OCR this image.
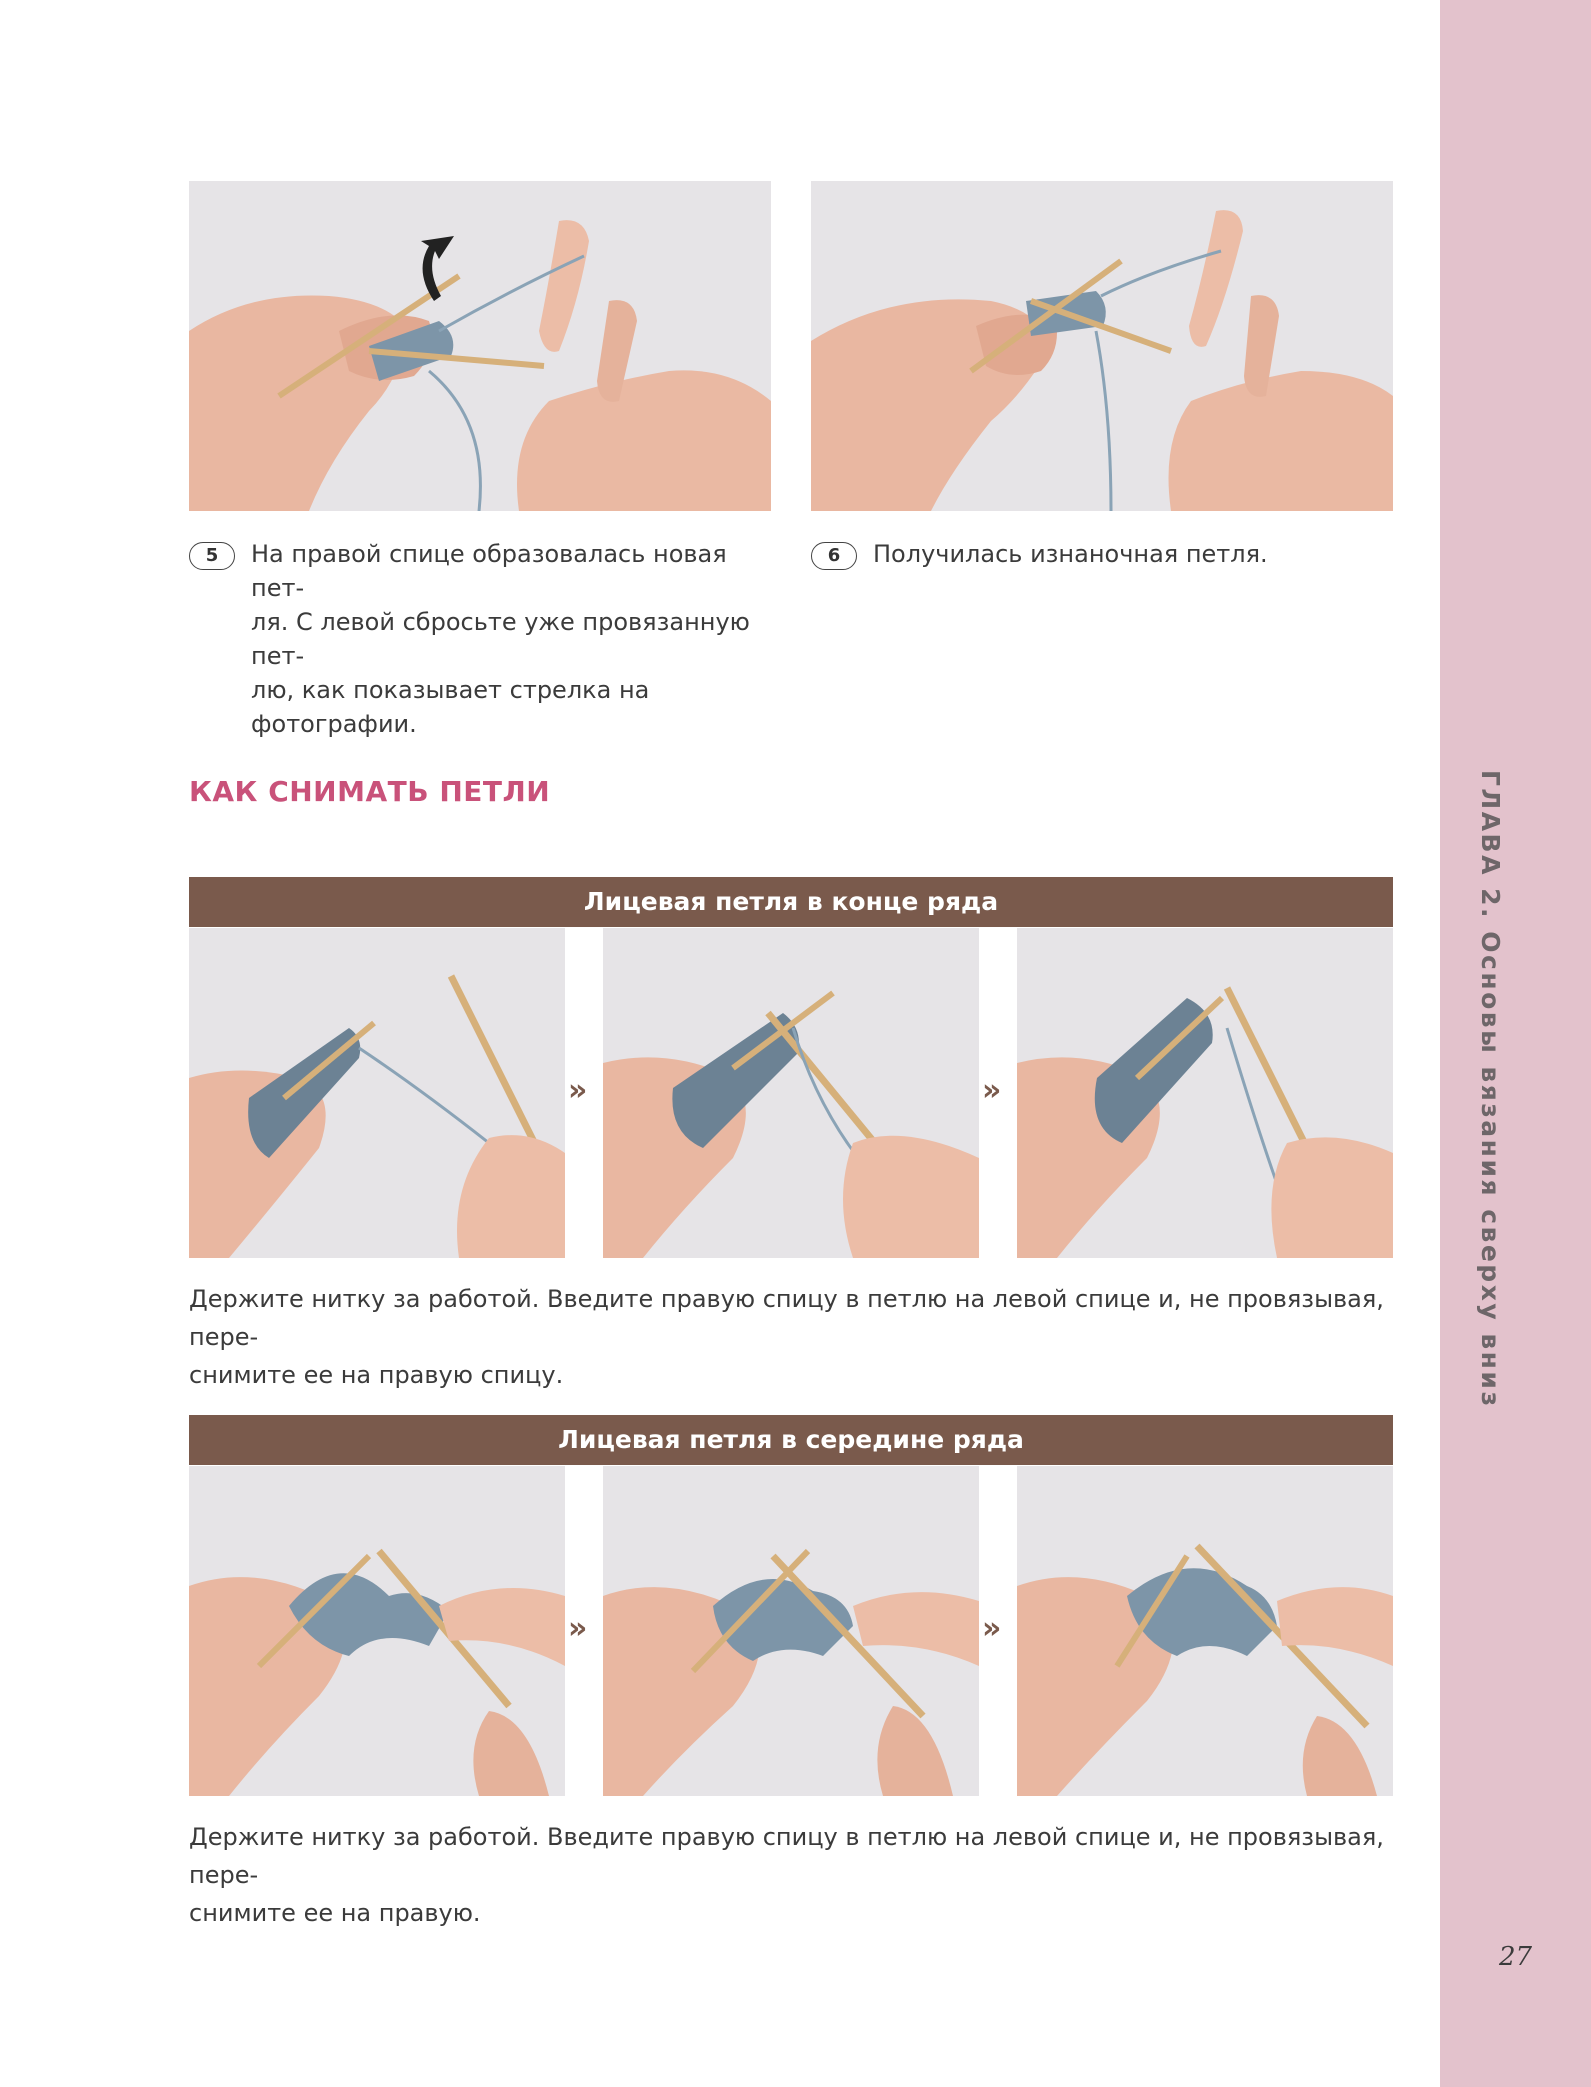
ГЛАВА 2. Основы вязания сверху вниз
27
5	На правой спице образовалась новая пет-
ля. С левой сбросьте уже провязанную пет-
лю, как показывает стрелка на фотографии.
6	Получилась изнаночная петля.
КАК СНИМАТЬ ПЕТЛИ
Лицевая петля в конце ряда
»	»
Держите нитку за работой. Введите правую спицу в петлю на левой спице и, не провязывая, пере-
снимите ее на правую спицу.
Лицевая петля в середине ряда
»	»
Держите нитку за работой. Введите правую спицу в петлю на левой спице и, не провязывая, пере-
снимите ее на правую.
